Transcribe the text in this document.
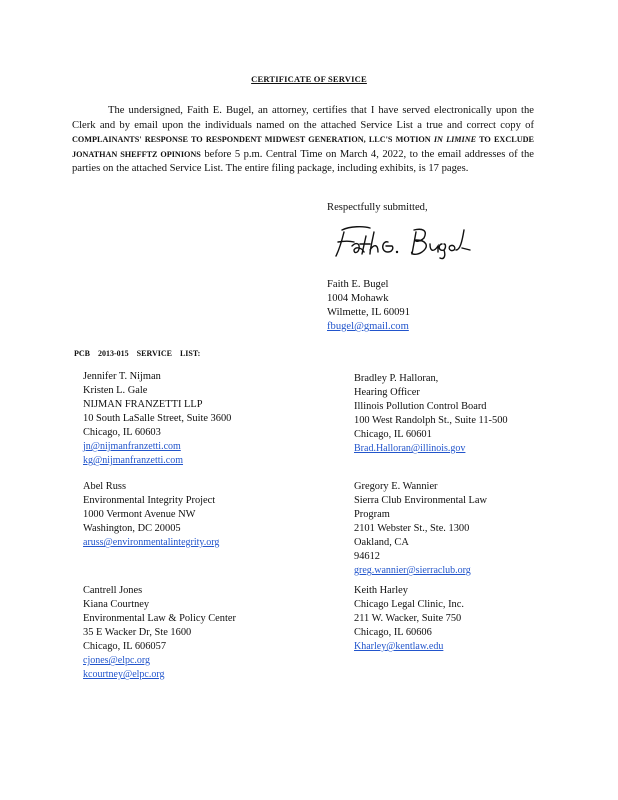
CERTIFICATE OF SERVICE
The undersigned, Faith E. Bugel, an attorney, certifies that I have served electronically upon the Clerk and by email upon the individuals named on the attached Service List a true and correct copy of COMPLAINANTS' RESPONSE TO RESPONDENT MIDWEST GENERATION, LLC'S MOTION IN LIMINE TO EXCLUDE JONATHAN SHEFFTZ OPINIONS before 5 p.m. Central Time on March 4, 2022, to the email addresses of the parties on the attached Service List. The entire filing package, including exhibits, is 17 pages.
Respectfully submitted,
Faith E. Bugel
1004 Mohawk
Wilmette, IL 60091
fbugel@gmail.com
PCB 2013-015 SERVICE LIST:
Jennifer T. Nijman
Kristen L. Gale
NIJMAN FRANZETTI LLP
10 South LaSalle Street, Suite 3600
Chicago, IL 60603
jn@nijmanfranzetti.com
kg@nijmanfranzetti.com
Bradley P. Halloran,
Hearing Officer
Illinois Pollution Control Board
100 West Randolph St., Suite 11-500
Chicago, IL 60601
Brad.Halloran@illinois.gov
Abel Russ
Environmental Integrity Project
1000 Vermont Avenue NW
Washington, DC 20005
aruss@environmentalintegrity.org
Gregory E. Wannier
Sierra Club Environmental Law
Program
2101 Webster St., Ste. 1300
Oakland, CA
94612
greg.wannier@sierraclub.org
Cantrell Jones
Kiana Courtney
Environmental Law & Policy Center
35 E Wacker Dr, Ste 1600
Chicago, IL 606057
cjones@elpc.org
kcourtney@elpc.org
Keith Harley
Chicago Legal Clinic, Inc.
211 W. Wacker, Suite 750
Chicago, IL 60606
Kharley@kentlaw.edu
